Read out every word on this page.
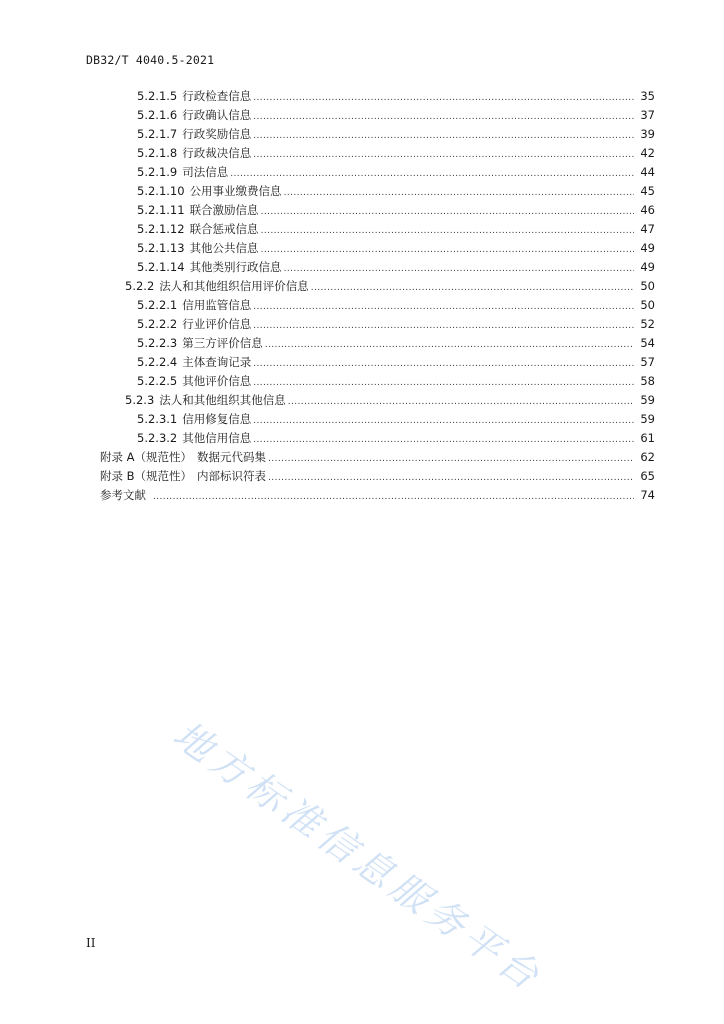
DB32/T 4040.5-2021
5.2.1.5 行政检查信息 .....	35
5.2.1.6 行政确认信息 .....	37
5.2.1.7 行政奖励信息 .....	39
5.2.1.8 行政裁决信息 .....	42
5.2.1.9 司法信息 .....	44
5.2.1.10 公用事业缴费信息 .....	45
5.2.1.11 联合激励信息 .....	46
5.2.1.12 联合惩戒信息 .....	47
5.2.1.13 其他公共信息 .....	49
5.2.1.14 其他类别行政信息 .....	49
5.2.2 法人和其他组织信用评价信息 .....	50
5.2.2.1 信用监管信息 .....	50
5.2.2.2 行业评价信息 .....	52
5.2.2.3 第三方评价信息 .....	54
5.2.2.4 主体查询记录 .....	57
5.2.2.5 其他评价信息 .....	58
5.2.3 法人和其他组织其他信息 .....	59
5.2.3.1 信用修复信息 .....	59
5.2.3.2 其他信用信息 .....	61
附录 A（规范性） 数据元代码集 .....	62
附录 B（规范性） 内部标识符表 .....	65
参考文献 .....	74
地方标准信息服务平台
II
